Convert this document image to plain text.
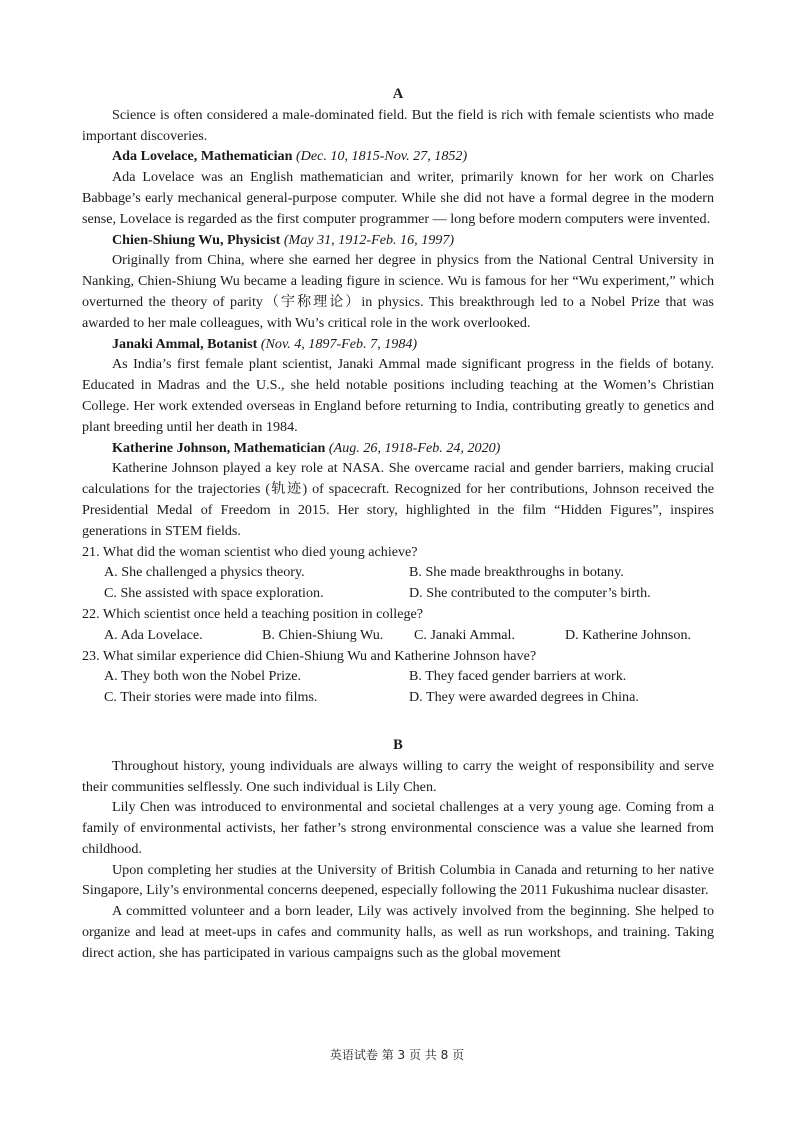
A

Science is often considered a male-dominated field. But the field is rich with female scientists who made important discoveries.

Ada Lovelace, Mathematician (Dec. 10, 1815-Nov. 27, 1852)

Ada Lovelace was an English mathematician and writer, primarily known for her work on Charles Babbage’s early mechanical general-purpose computer. While she did not have a formal degree in the modern sense, Lovelace is regarded as the first computer programmer — long before modern computers were invented.

Chien-Shiung Wu, Physicist (May 31, 1912-Feb. 16, 1997)

Originally from China, where she earned her degree in physics from the National Central University in Nanking, Chien-Shiung Wu became a leading figure in science. Wu is famous for her “Wu experiment,” which overturned the theory of parity（宇称理论）in physics. This breakthrough led to a Nobel Prize that was awarded to her male colleagues, with Wu’s critical role in the work overlooked.

Janaki Ammal, Botanist (Nov. 4, 1897-Feb. 7, 1984)

As India’s first female plant scientist, Janaki Ammal made significant progress in the fields of botany. Educated in Madras and the U.S., she held notable positions including teaching at the Women’s Christian College. Her work extended overseas in England before returning to India, contributing greatly to genetics and plant breeding until her death in 1984.

Katherine Johnson, Mathematician (Aug. 26, 1918-Feb. 24, 2020)

Katherine Johnson played a key role at NASA. She overcame racial and gender barriers, making crucial calculations for the trajectories (轨迹) of spacecraft. Recognized for her contributions, Johnson received the Presidential Medal of Freedom in 2015. Her story, highlighted in the film “Hidden Figures”, inspires generations in STEM fields.

21. What did the woman scientist who died young achieve?

A. She challenged a physics theory.	B. She made breakthroughs in botany.
C. She assisted with space exploration.	D. She contributed to the computer’s birth.

22. Which scientist once held a teaching position in college?

A. Ada Lovelace.	B. Chien-Shiung Wu.	C. Janaki Ammal.	D. Katherine Johnson.

23. What similar experience did Chien-Shiung Wu and Katherine Johnson have?

A. They both won the Nobel Prize.	B. They faced gender barriers at work.
C. Their stories were made into films.	D. They were awarded degrees in China.
B

Throughout history, young individuals are always willing to carry the weight of responsibility and serve their communities selflessly. One such individual is Lily Chen.

Lily Chen was introduced to environmental and societal challenges at a very young age. Coming from a family of environmental activists, her father’s strong environmental conscience was a value she learned from childhood.

Upon completing her studies at the University of British Columbia in Canada and returning to her native Singapore, Lily’s environmental concerns deepened, especially following the 2011 Fukushima nuclear disaster.

A committed volunteer and a born leader, Lily was actively involved from the beginning. She helped to organize and lead at meet-ups in cafes and community halls, as well as run workshops, and training. Taking direct action, she has participated in various campaigns such as the global movement

英语试卷 第 3 页 共 8 页
